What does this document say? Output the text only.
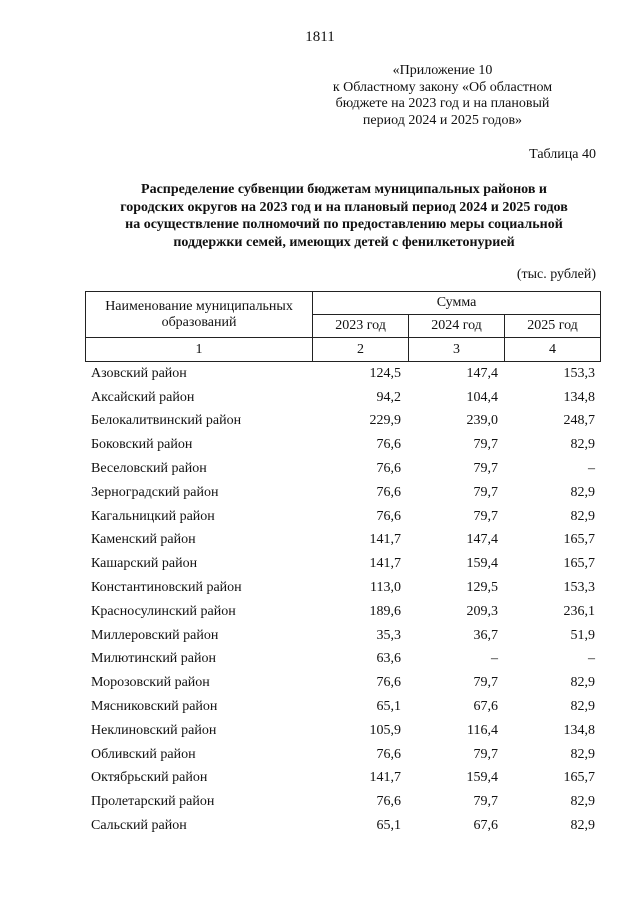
1811
«Приложение 10
к Областному закону «Об областном
бюджете на 2023 год и на плановый
период 2024 и 2025 годов»
Таблица 40
Распределение субвенции бюджетам муниципальных районов и
городских округов на 2023 год и на плановый период 2024 и 2025 годов
на осуществление полномочий по предоставлению меры социальной
поддержки семей, имеющих детей с фенилкетонурией
(тыс. рублей)
Наименование муниципальных
образований	Сумма		
	2023 год	2024 год	2025 год
1	2	3	4
Азовский район	124,5	147,4	153,3
Аксайский район	94,2	104,4	134,8
Белокалитвинский район	229,9	239,0	248,7
Боковский район	76,6	79,7	82,9
Веселовский район	76,6	79,7	–
Зерноградский район	76,6	79,7	82,9
Кагальницкий район	76,6	79,7	82,9
Каменский район	141,7	147,4	165,7
Кашарский район	141,7	159,4	165,7
Константиновский район	113,0	129,5	153,3
Красносулинский район	189,6	209,3	236,1
Миллеровский район	35,3	36,7	51,9
Милютинский район	63,6	–	–
Морозовский район	76,6	79,7	82,9
Мясниковский район	65,1	67,6	82,9
Неклиновский район	105,9	116,4	134,8
Обливский район	76,6	79,7	82,9
Октябрьский район	141,7	159,4	165,7
Пролетарский район	76,6	79,7	82,9
Сальский район	65,1	67,6	82,9
